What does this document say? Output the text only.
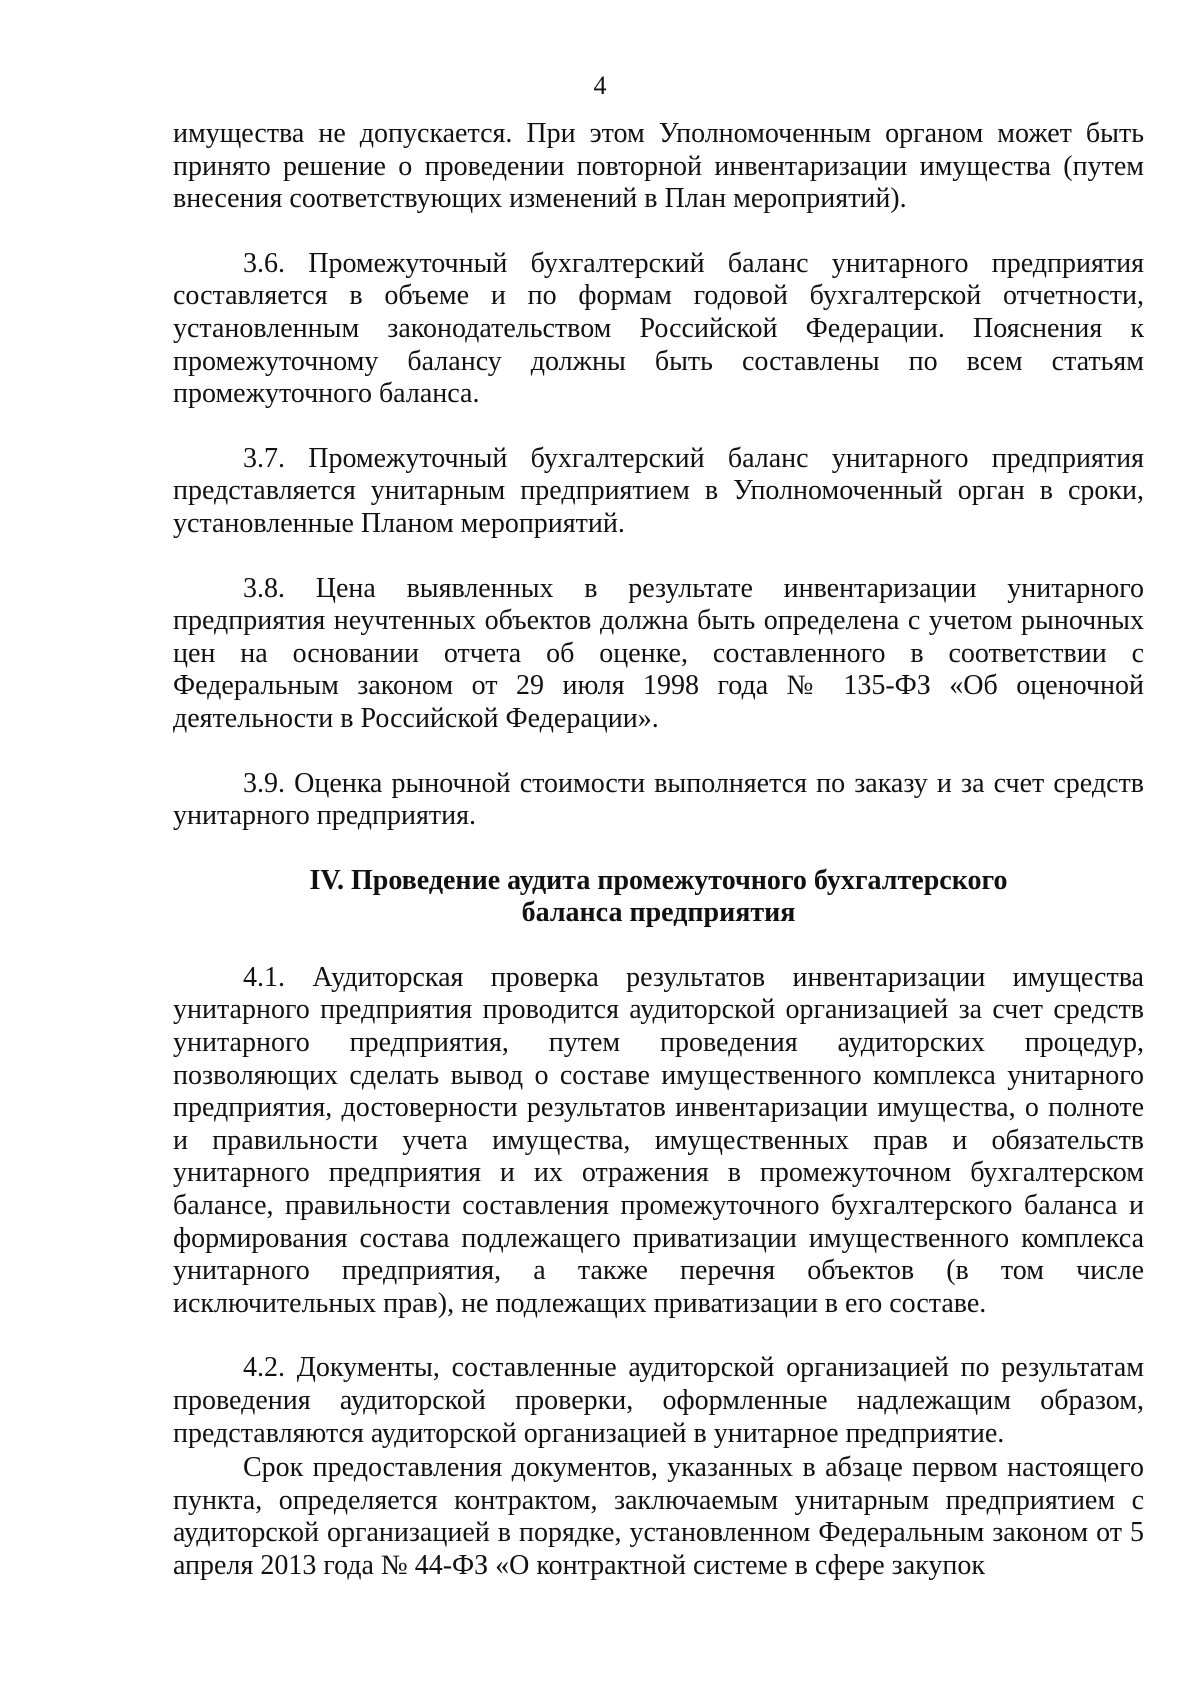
4

имущества не допускается. При этом Уполномоченным органом может быть принято решение о проведении повторной инвентаризации имущества (путем внесения соответствующих изменений в План мероприятий).

3.6. Промежуточный бухгалтерский баланс унитарного предприятия составляется в объеме и по формам годовой бухгалтерской отчетности, установленным законодательством Российской Федерации. Пояснения к промежуточному балансу должны быть составлены по всем статьям промежуточного баланса.

3.7. Промежуточный бухгалтерский баланс унитарного предприятия представляется унитарным предприятием в Уполномоченный орган в сроки, установленные Планом мероприятий.

3.8. Цена выявленных в результате инвентаризации унитарного предприятия неучтенных объектов должна быть определена с учетом рыночных цен на основании отчета об оценке, составленного в соответствии с Федеральным законом от 29 июля 1998 года № 135-ФЗ «Об оценочной деятельности в Российской Федерации».

3.9. Оценка рыночной стоимости выполняется по заказу и за счет средств унитарного предприятия.

IV. Проведение аудита промежуточного бухгалтерского
баланса предприятия

4.1. Аудиторская проверка результатов инвентаризации имущества унитарного предприятия проводится аудиторской организацией за счет средств унитарного предприятия, путем проведения аудиторских процедур, позволяющих сделать вывод о составе имущественного комплекса унитарного предприятия, достоверности результатов инвентаризации имущества, о полноте и правильности учета имущества, имущественных прав и обязательств унитарного предприятия и их отражения в промежуточном бухгалтерском балансе, правильности составления промежуточного бухгалтерского баланса и формирования состава подлежащего приватизации имущественного комплекса унитарного предприятия, а также перечня объектов (в том числе исключительных прав), не подлежащих приватизации в его составе.

4.2. Документы, составленные аудиторской организацией по результатам проведения аудиторской проверки, оформленные надлежащим образом, представляются аудиторской организацией в унитарное предприятие.

Срок предоставления документов, указанных в абзаце первом настоящего пункта, определяется контрактом, заключаемым унитарным предприятием с аудиторской организацией в порядке, установленном Федеральным законом от 5 апреля 2013 года № 44-ФЗ «О контрактной системе в сфере закупок
